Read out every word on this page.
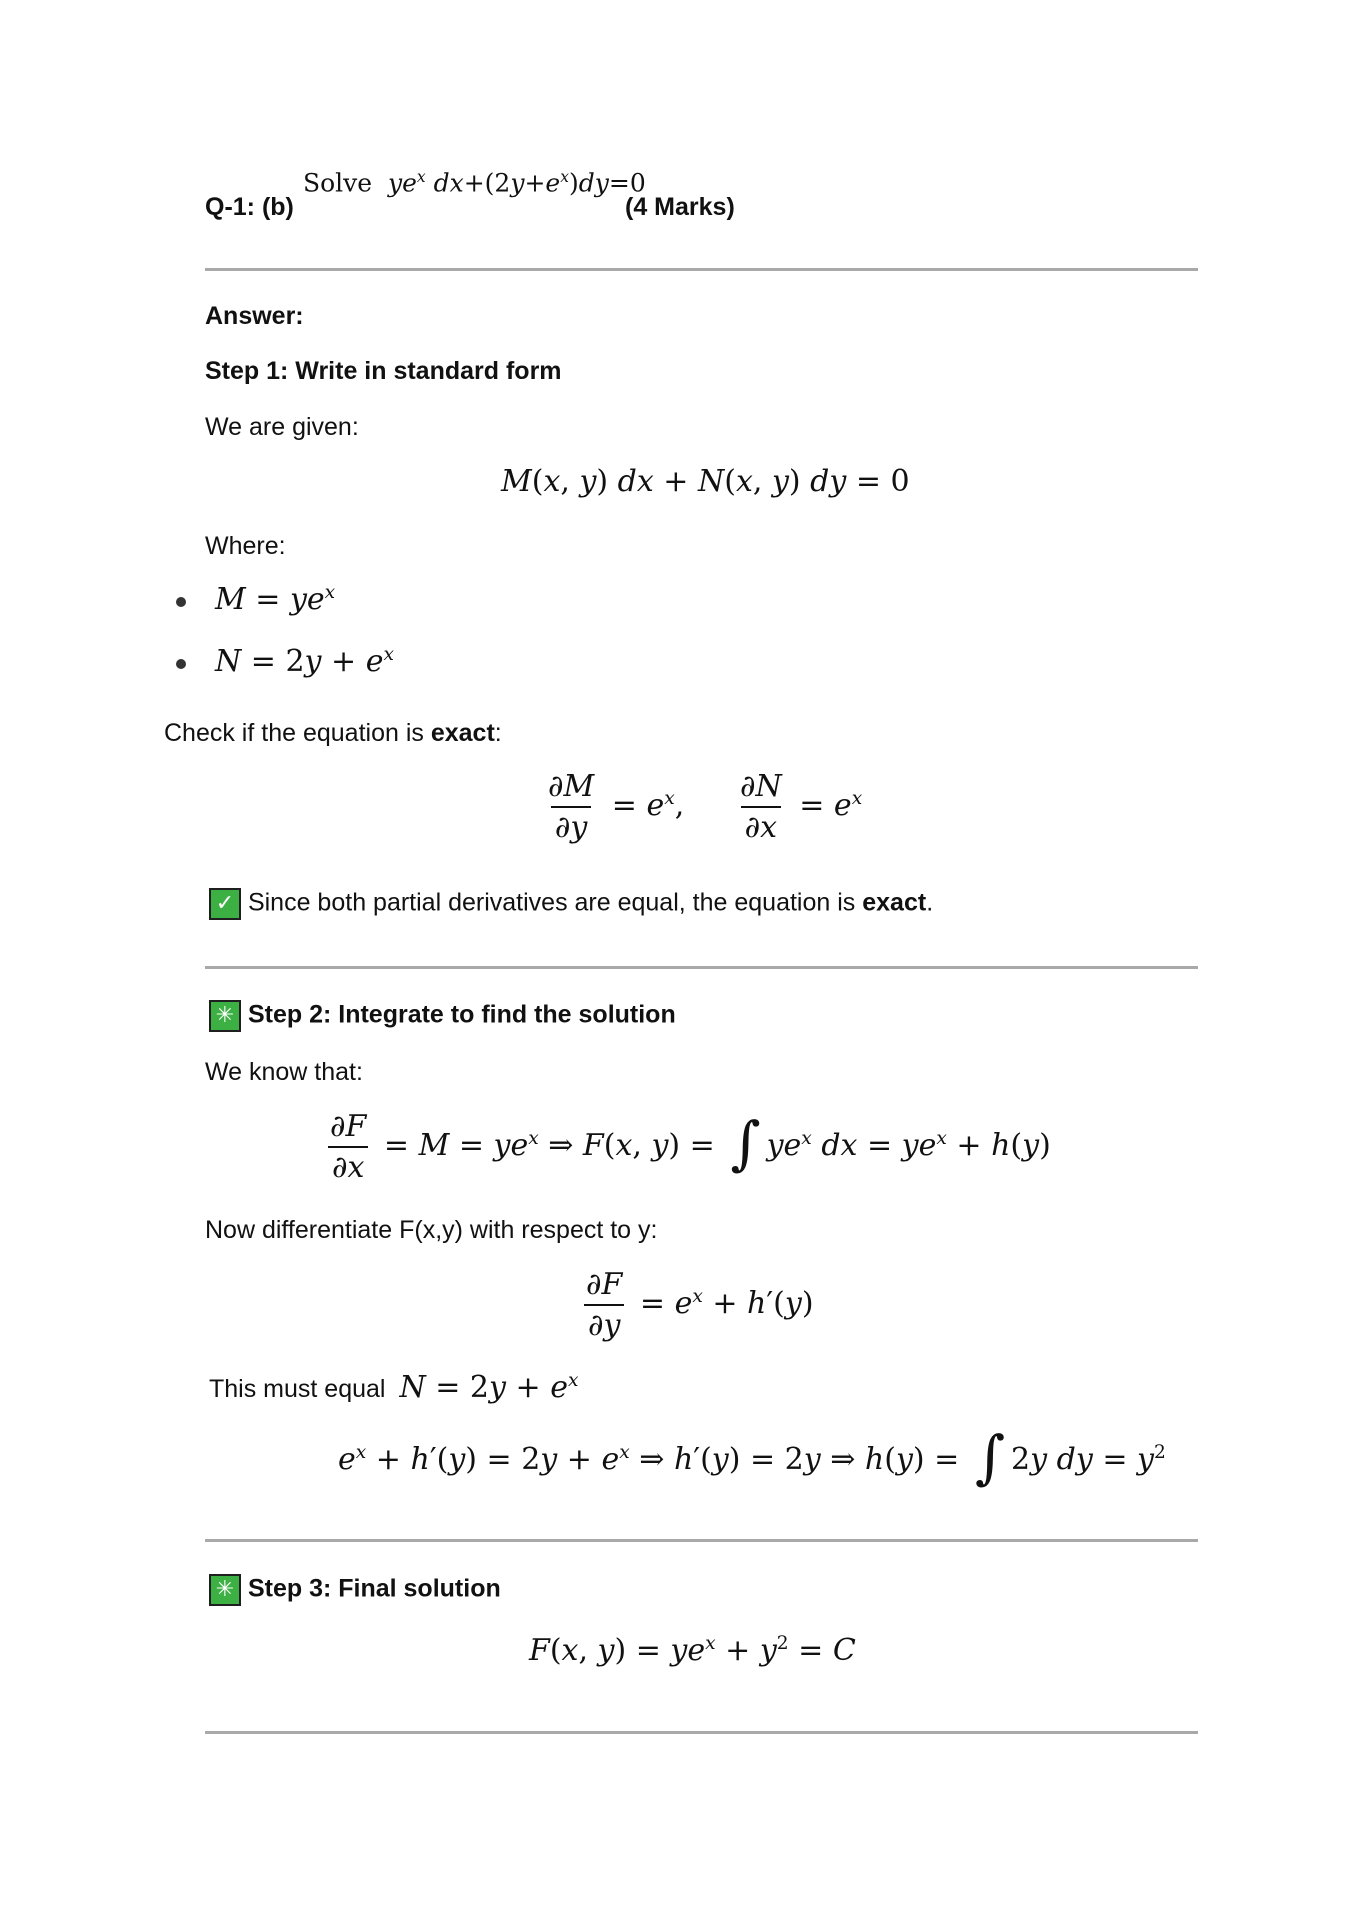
Q-1: (b)
Solve $ye^x$ $dx+(2y+e^x)dy=0$
(4 Marks)
Answer:
Step 1: Write in standard form
We are given:
M(x, y) dx + N(x, y) dy = 0
Where:
$M = ye^x$
$N = 2y + e^x$
Check if the equation is exact:
$\frac{\partial M}{\partial y} = e^x$, $\frac{\partial N}{\partial x} = e^x$
✓ Since both partial derivatives are equal, the equation is exact.
✳ Step 2: Integrate to find the solution
We know that:
$\frac{\partial F}{\partial x} = M = ye^x$ ⇒ F(x, y) = ∫ $ye^x$ dx = $ye^x + h(y)$
Now differentiate F(x,y) with respect to y:
$\frac{\partial F}{\partial y} = e^x + h'(y)$
This must equal $N = 2y + e^x$
$e^x + h'(y) = 2y + e^x$ ⇒ h′(y) = 2y ⇒ h(y) = ∫ 2y dy = $y^2$
✳ Step 3: Final solution
F(x, $y) = ye^x + y^2 = C$
